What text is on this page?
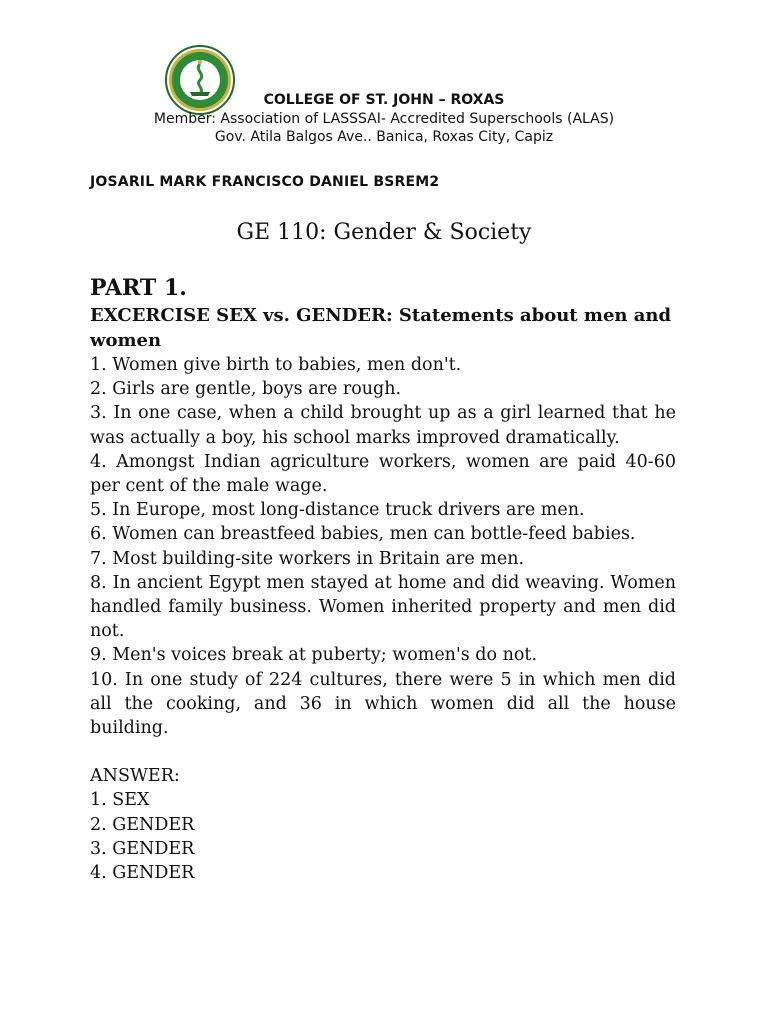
COLLEGE OF ST. JOHN – ROXAS
Member: Association of LASSSAI- Accredited Superschools (ALAS)
Gov. Atila Balgos Ave.. Banica, Roxas City, Capiz
JOSARIL MARK FRANCISCO DANIEL BSREM2
GE 110: Gender & Society
PART 1.
EXCERCISE SEX vs. GENDER: Statements about men and women
1. Women give birth to babies, men don't.
2. Girls are gentle, boys are rough.
3. In one case, when a child brought up as a girl learned that he was actually a boy, his school marks improved dramatically.
4. Amongst Indian agriculture workers, women are paid 40-60 per cent of the male wage.
5. In Europe, most long-distance truck drivers are men.
6. Women can breastfeed babies, men can bottle-feed babies.
7. Most building-site workers in Britain are men.
8. In ancient Egypt men stayed at home and did weaving. Women handled family business. Women inherited property and men did not.
9. Men's voices break at puberty; women's do not.
10. In one study of 224 cultures, there were 5 in which men did all the cooking, and 36 in which women did all the house building.
ANSWER:
1. SEX
2. GENDER
3. GENDER
4. GENDER
